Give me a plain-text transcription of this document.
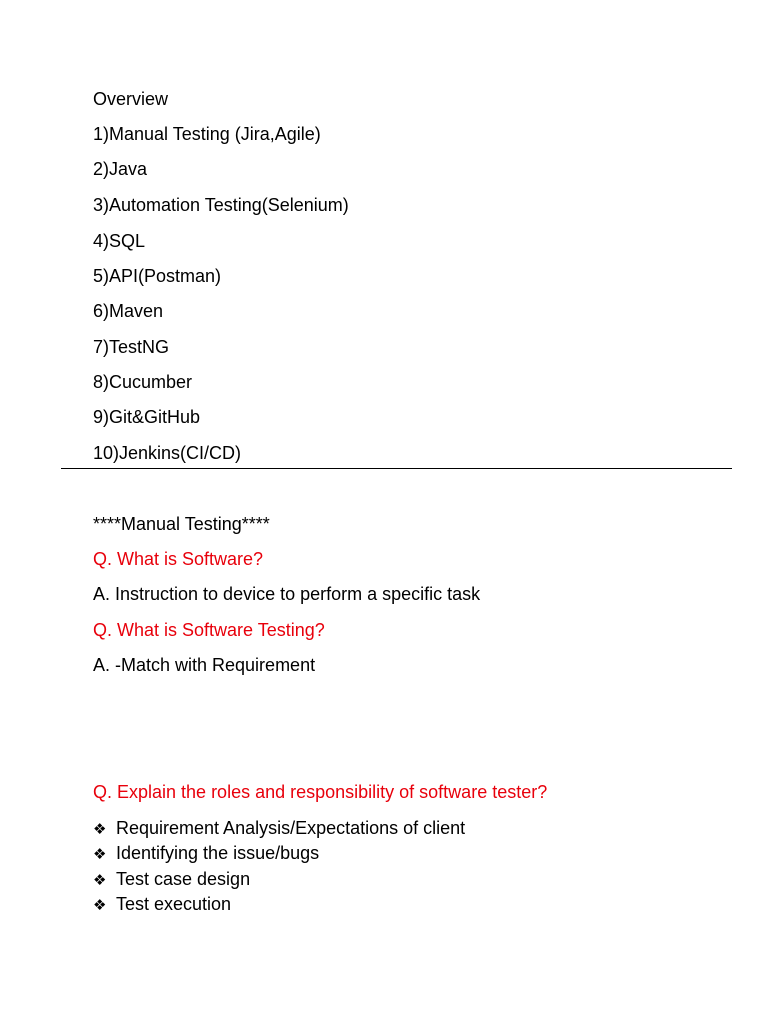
Overview
1)Manual Testing (Jira,Agile)
2)Java
3)Automation Testing(Selenium)
4)SQL
5)API(Postman)
6)Maven
7)TestNG
8)Cucumber
9)Git&GitHub
10)Jenkins(CI/CD)
****Manual Testing****
Q. What is Software?
A. Instruction to device to perform a specific task
Q. What is Software Testing?
A. -Match with Requirement
Q. Explain the roles and responsibility of software tester?
❖ Requirement Analysis/Expectations of client
❖ Identifying the issue/bugs
❖ Test case design
❖ Test execution
